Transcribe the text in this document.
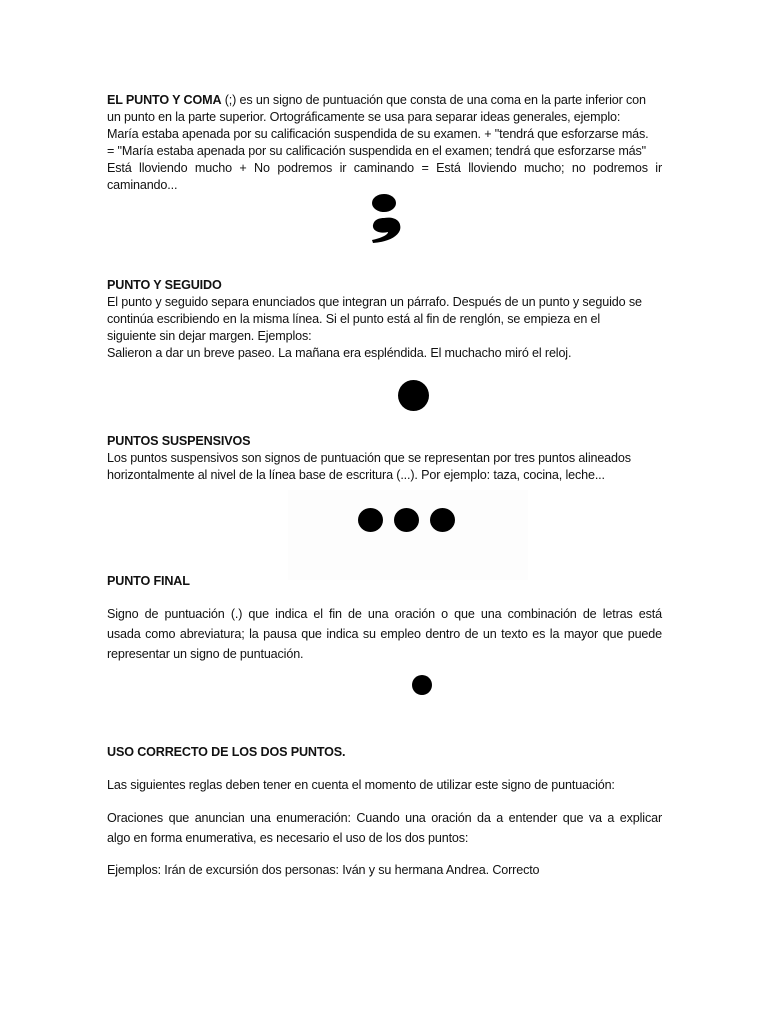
EL PUNTO Y COMA (;) es un signo de puntuación que consta de una coma en la parte inferior con

un punto en la parte superior. Ortográficamente se usa para separar ideas generales, ejemplo:

María estaba apenada por su calificación suspendida de su examen. + "tendrá que esforzarse más.

= "María estaba apenada por su calificación suspendida en el examen; tendrá que esforzarse más"

Está lloviendo mucho + No podremos ir caminando = Está lloviendo mucho; no podremos ir

caminando...

PUNTO Y SEGUIDO

El punto y seguido separa enunciados que integran un párrafo. Después de un punto y seguido se

continúa escribiendo en la misma línea. Si el punto está al fin de renglón, se empieza en el

siguiente sin dejar margen. Ejemplos:

Salieron a dar un breve paseo. La mañana era espléndida. El muchacho miró el reloj.

PUNTOS SUSPENSIVOS

Los puntos suspensivos son signos de puntuación que se representan por tres puntos alineados

horizontalmente al nivel de la línea base de escritura (...). Por ejemplo: taza, cocina, leche...

PUNTO FINAL

Signo de puntuación (.) que indica el fin de una oración o que una combinación de letras está

usada como abreviatura; la pausa que indica su empleo dentro de un texto es la mayor que puede

representar un signo de puntuación.

USO CORRECTO DE LOS DOS PUNTOS.

Las siguientes reglas deben tener en cuenta el momento de utilizar este signo de puntuación:

Oraciones que anuncian una enumeración: Cuando una oración da a entender que va a explicar

algo en forma enumerativa, es necesario el uso de los dos puntos:

Ejemplos: Irán de excursión dos personas: Iván y su hermana Andrea. Correcto
